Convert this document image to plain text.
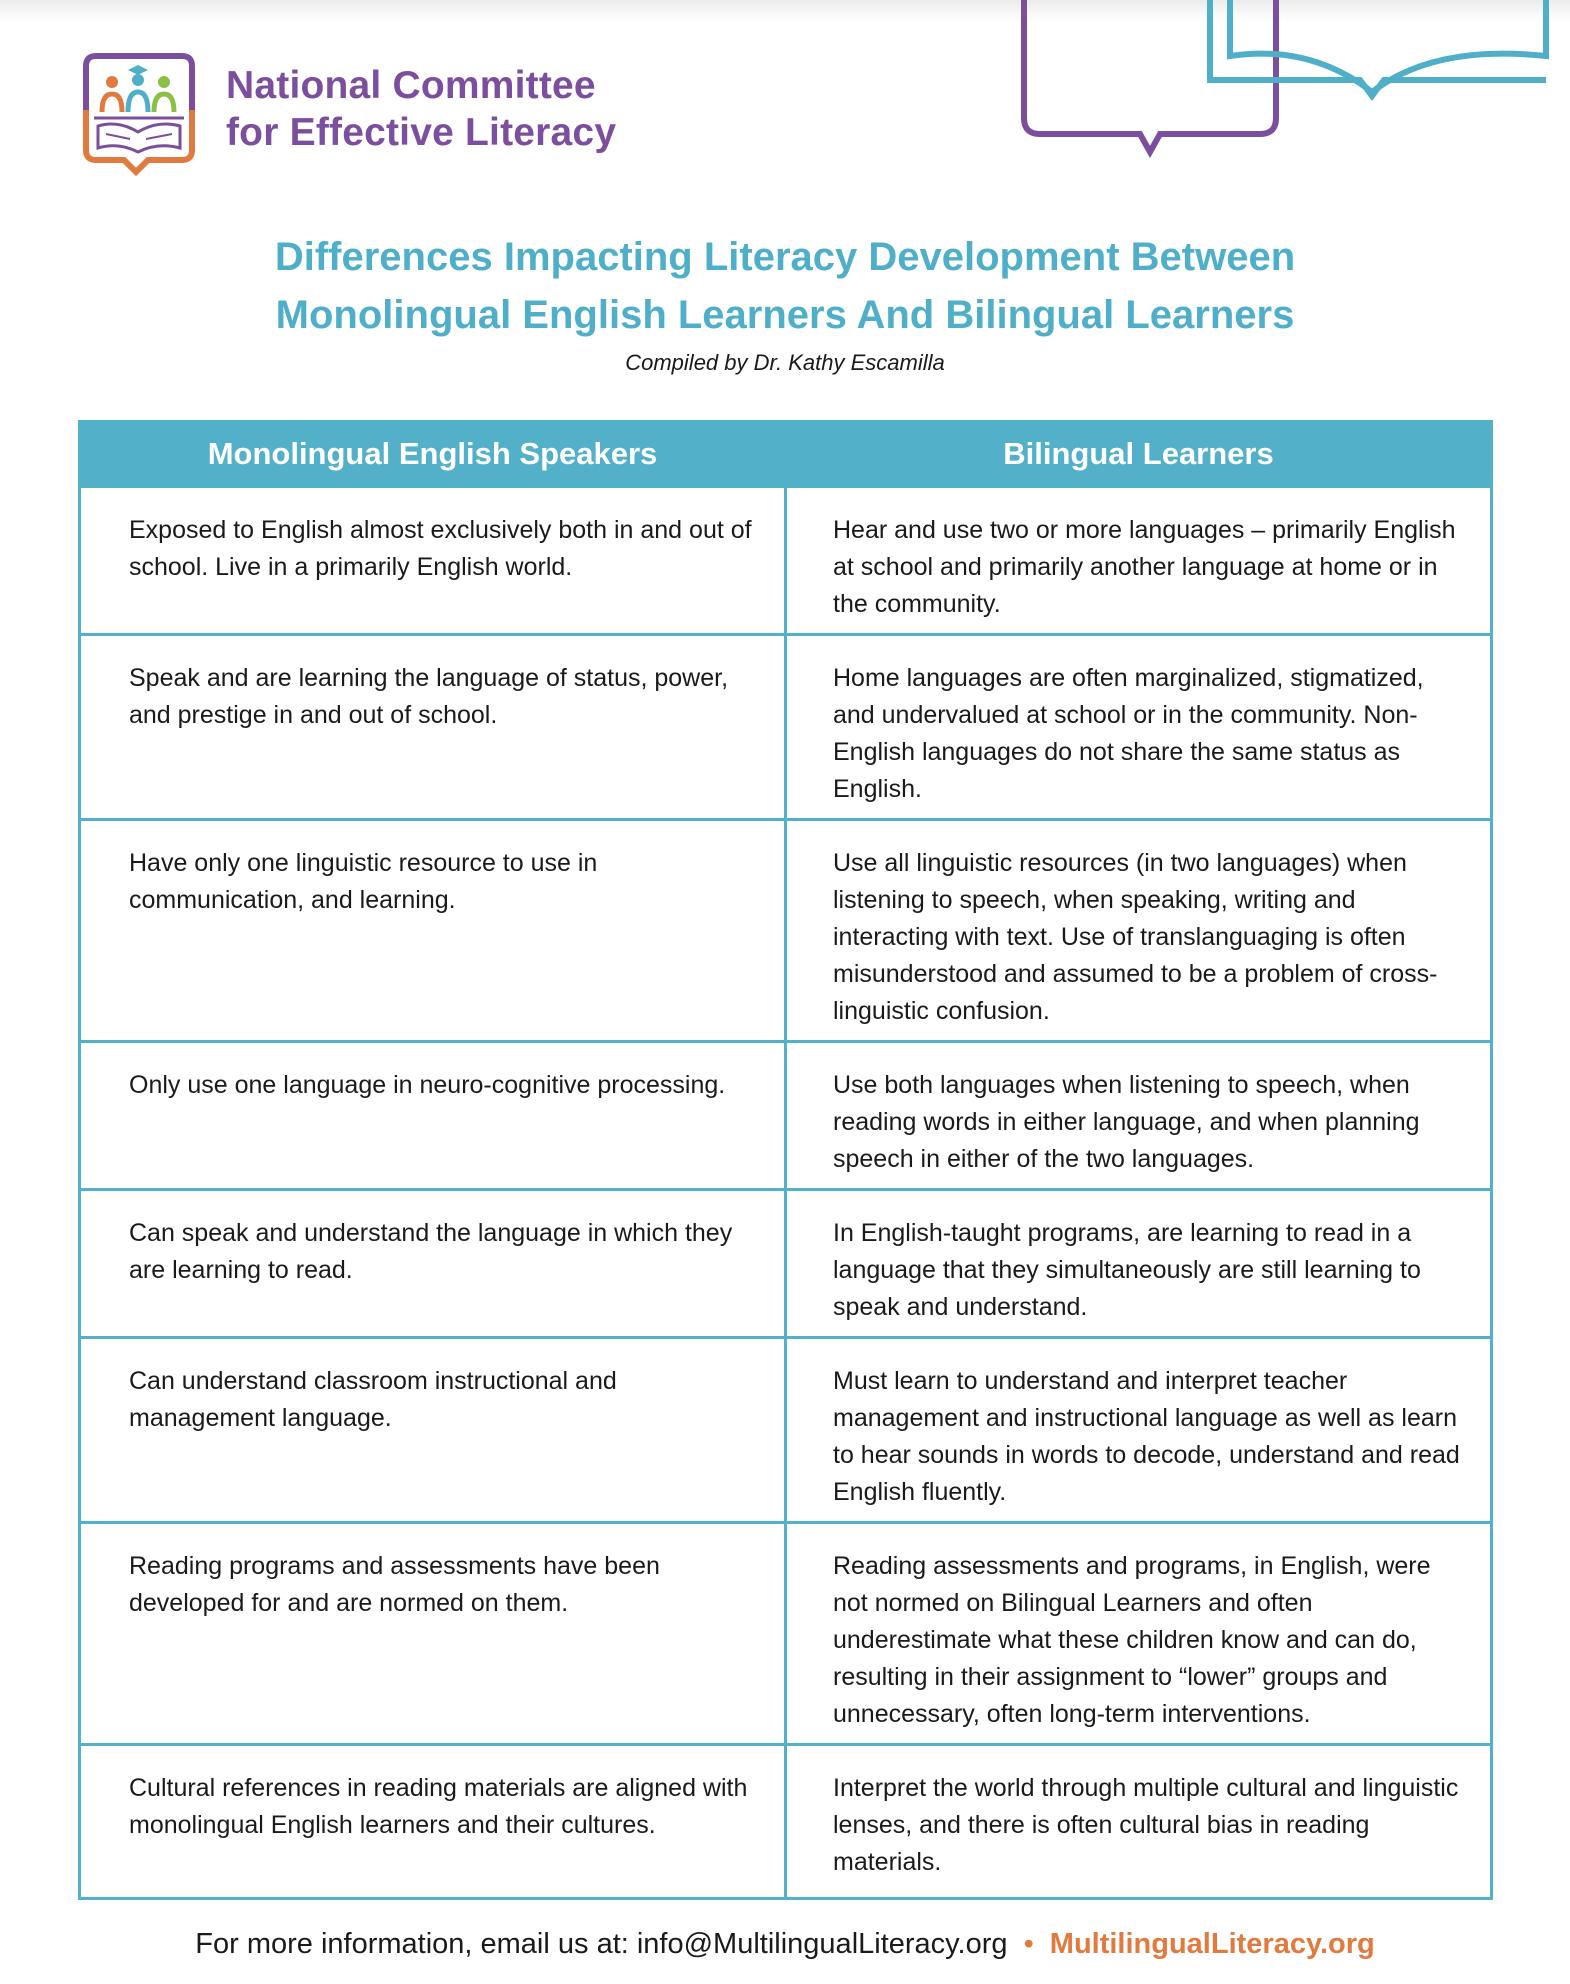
National Committee
for Effective Literacy
Differences Impacting Literacy Development Between
Monolingual English Learners And Bilingual Learners
Compiled by Dr. Kathy Escamilla
Monolingual English Speakers	Bilingual Learners
Exposed to English almost exclusively both in and out of school. Live in a primarily English world.	Hear and use two or more languages – primarily English at school and primarily another language at home or in the community.
Speak and are learning the language of status, power, and prestige in and out of school.	Home languages are often marginalized, stigmatized, and undervalued at school or in the community. Non-English languages do not share the same status as English.
Have only one linguistic resource to use in communication, and learning.	Use all linguistic resources (in two languages) when listening to speech, when speaking, writing and interacting with text. Use of translanguaging is often misunderstood and assumed to be a problem of cross-linguistic confusion.
Only use one language in neuro-cognitive processing.	Use both languages when listening to speech, when reading words in either language, and when planning speech in either of the two languages.
Can speak and understand the language in which they are learning to read.	In English-taught programs, are learning to read in a language that they simultaneously are still learning to speak and understand.
Can understand classroom instructional and management language.	Must learn to understand and interpret teacher management and instructional language as well as learn to hear sounds in words to decode, understand and read English fluently.
Reading programs and assessments have been developed for and are normed on them.	Reading assessments and programs, in English, were not normed on Bilingual Learners and often underestimate what these children know and can do, resulting in their assignment to “lower” groups and unnecessary, often long-term interventions.
Cultural references in reading materials are aligned with monolingual English learners and their cultures.	Interpret the world through multiple cultural and linguistic lenses, and there is often cultural bias in reading materials.
For more information, email us at: info@MultilingualLiteracy.org • MultilingualLiteracy.org
